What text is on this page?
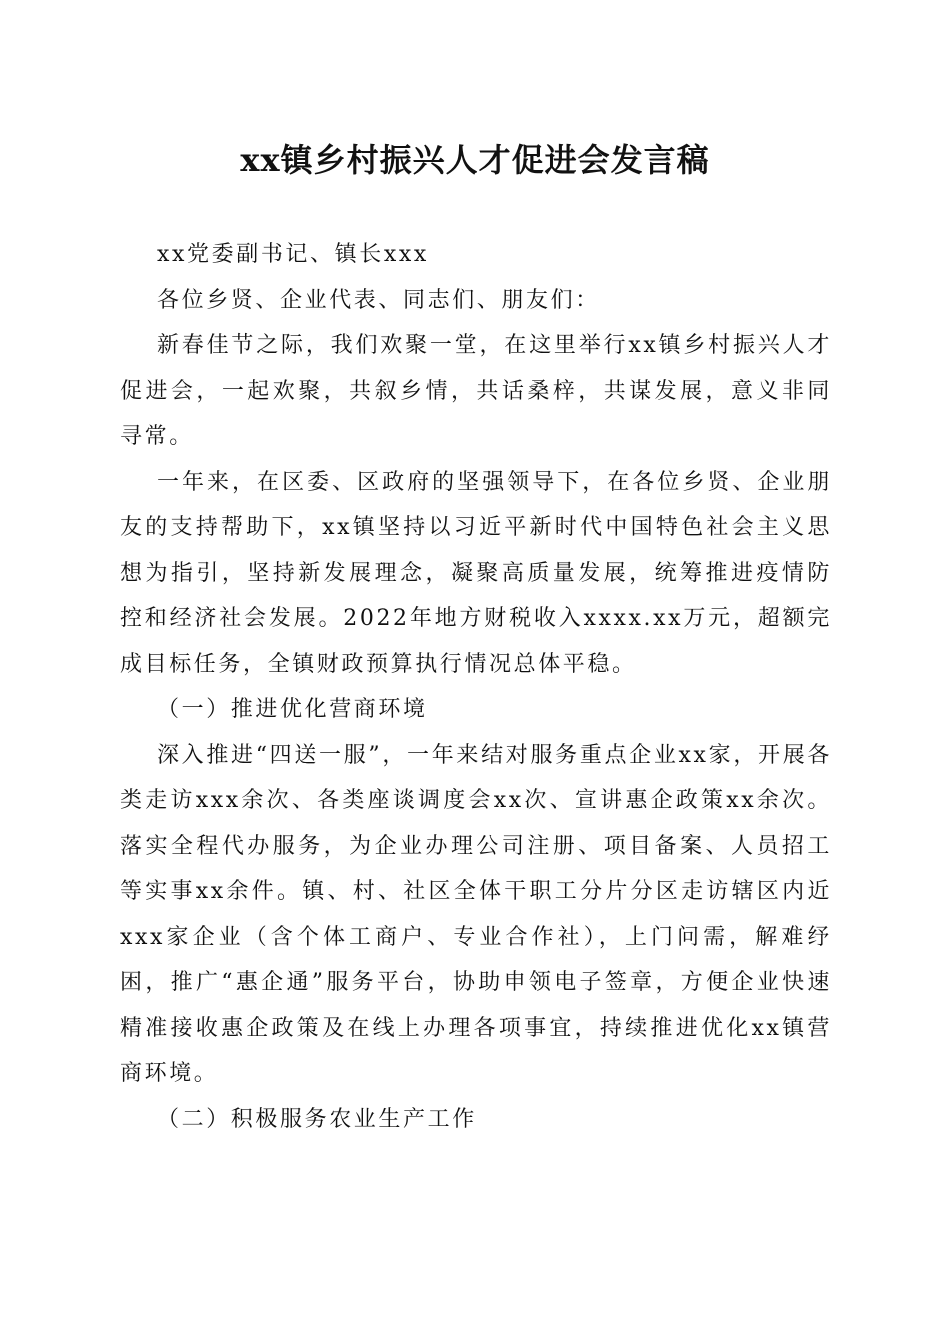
xx镇乡村振兴人才促进会发言稿

xx党委副书记、镇长xxx

各位乡贤、企业代表、同志们、朋友们：

新春佳节之际，我们欢聚一堂，在这里举行xx镇乡村振兴人才促进会，一起欢聚，共叙乡情，共话桑梓，共谋发展，意义非同寻常。

一年来，在区委、区政府的坚强领导下，在各位乡贤、企业朋友的支持帮助下，xx镇坚持以习近平新时代中国特色社会主义思想为指引，坚持新发展理念，凝聚高质量发展，统筹推进疫情防控和经济社会发展。2022年地方财税收入xxxx.xx万元，超额完成目标任务，全镇财政预算执行情况总体平稳。

（一）推进优化营商环境

深入推进“四送一服”，一年来结对服务重点企业xx家，开展各类走访xxx余次、各类座谈调度会xx次、宣讲惠企政策xx余次。落实全程代办服务，为企业办理公司注册、项目备案、人员招工等实事xx余件。镇、村、社区全体干职工分片分区走访辖区内近xxx家企业（含个体工商户、专业合作社），上门问需，解难纾困，推广“惠企通”服务平台，协助申领电子签章，方便企业快速精准接收惠企政策及在线上办理各项事宜，持续推进优化xx镇营商环境。

（二）积极服务农业生产工作
